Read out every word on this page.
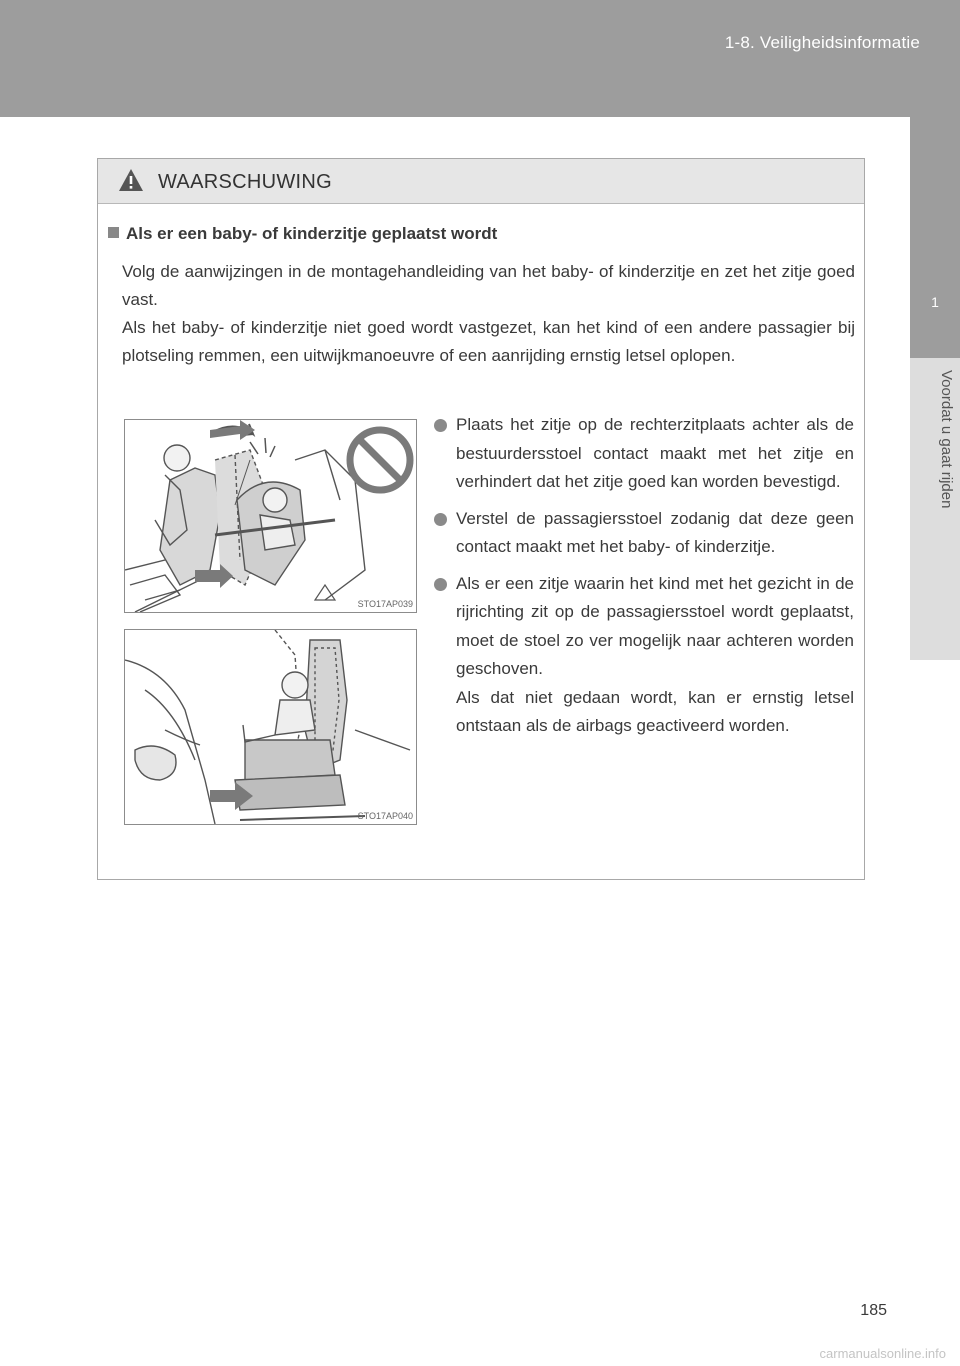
1-8. Veiligheidsinformatie
1
Voordat u gaat rijden
WAARSCHUWING
Als er een baby- of kinderzitje geplaatst wordt

Volg de aanwijzingen in de montagehandleiding van het baby- of kinderzitje en zet het zitje goed vast.

Als het baby- of kinderzitje niet goed wordt vastgezet, kan het kind of een andere passagier bij plotseling remmen, een uitwijkmanoeuvre of een aanrijding ernstig letsel oplopen.

STO17AP039
STO17AP040

Plaats het zitje op de rechterzitplaats achter als de bestuurdersstoel contact maakt met het zitje en verhindert dat het zitje goed kan worden bevestigd.

Verstel de passagiersstoel zodanig dat deze geen contact maakt met het baby- of kinderzitje.

Als er een zitje waarin het kind met het gezicht in de rijrichting zit op de passagiersstoel wordt geplaatst, moet de stoel zo ver mogelijk naar achteren worden geschoven.

Als dat niet gedaan wordt, kan er ernstig letsel ontstaan als de airbags geactiveerd worden.

185
carmanualsonline.info
